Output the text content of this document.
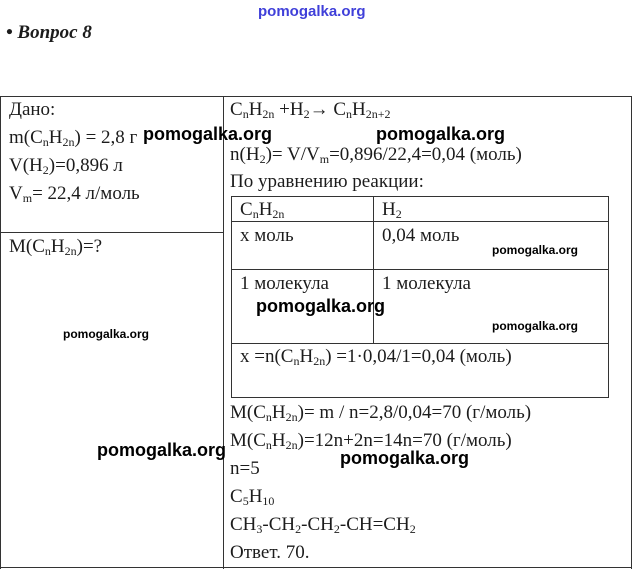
pomogalka.org
• Вопрос 8
Дано:
$m(C_nH_{2n}) = 2,8$ г
$V(H_2)=0,896$ л
$V_m= 22,4$ л/моль
$M(C_nH_{2n})=$?
$C_nH_{2n} +H_2\to C_nH_{2n+2}$
$n(H_2)= V/V_m=0,896/22,4=0,04$ (моль)
По уравнению реакции:
$C_nH_{2n}$	$H_2$
x моль	0,04 моль
1 молекула	1 молекула
$x =n(C_nH_{2n}) =1\cdot 0,04/1=0,04$ (моль)
$M(C_nH_{2n})= m / n=2,8/0,04=70$ (г/моль)
$M(C_nH_{2n})=12n+2n=14n=70$ (г/моль)
n=5
$C_5H_{10}$
$CH_3-CH_2-CH_2-CH=CH_2$
Ответ. 70.
pomogalka.org	pomogalka.org
pomogalka.org
pomogalka.org
pomogalka.org
pomogalka.org
pomogalka.org	pomogalka.org
